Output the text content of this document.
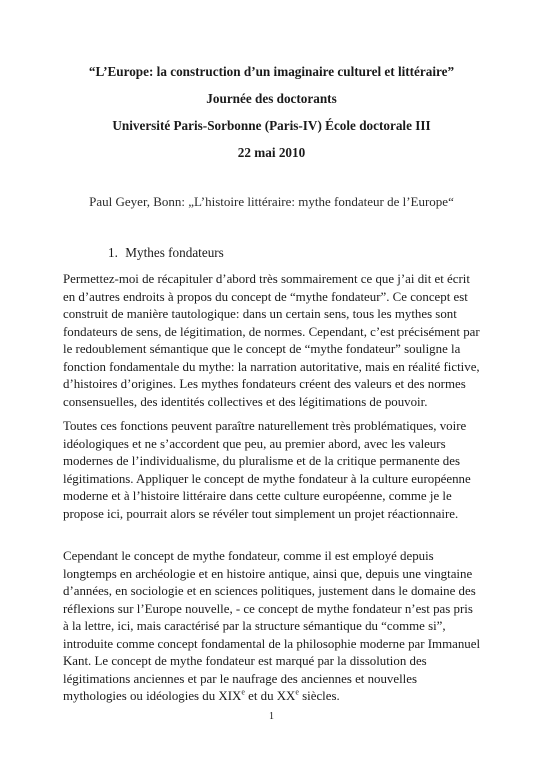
“L’Europe: la construction d’un imaginaire culturel et littéraire”
Journée des doctorants
Université Paris-Sorbonne (Paris-IV) École doctorale III
22 mai 2010
Paul Geyer, Bonn: „L’histoire littéraire: mythe fondateur de l’Europe“
1. Mythes fondateurs
Permettez-moi de récapituler d’abord très sommairement ce que j’ai dit et écrit
en d’autres endroits à propos du concept de “mythe fondateur”. Ce concept est
construit de manière tautologique: dans un certain sens, tous les mythes sont
fondateurs de sens, de légitimation, de normes. Cependant, c’est précisément par
le redoublement sémantique que le concept de “mythe fondateur” souligne la
fonction fondamentale du mythe: la narration autoritative, mais en réalité fictive,
d’histoires d’origines. Les mythes fondateurs créent des valeurs et des normes
consensuelles, des identités collectives et des légitimations de pouvoir.
Toutes ces fonctions peuvent paraître naturellement très problématiques, voire
idéologiques et ne s’accordent que peu, au premier abord, avec les valeurs
modernes de l’individualisme, du pluralisme et de la critique permanente des
légitimations. Appliquer le concept de mythe fondateur à la culture européenne
moderne et à l’histoire littéraire dans cette culture européenne, comme je le
propose ici, pourrait alors se révéler tout simplement un projet réactionnaire.
Cependant le concept de mythe fondateur, comme il est employé depuis
longtemps en archéologie et en histoire antique, ainsi que, depuis une vingtaine
d’années, en sociologie et en sciences politiques, justement dans le domaine des
réflexions sur l’Europe nouvelle, - ce concept de mythe fondateur n’est pas pris
à la lettre, ici, mais caractérisé par la structure sémantique du “comme si”,
introduite comme concept fondamental de la philosophie moderne par Immanuel
Kant. Le concept de mythe fondateur est marqué par la dissolution des
légitimations anciennes et par le naufrage des anciennes et nouvelles
mythologies ou idéologies du XIXe et du XXe siècles.
1
